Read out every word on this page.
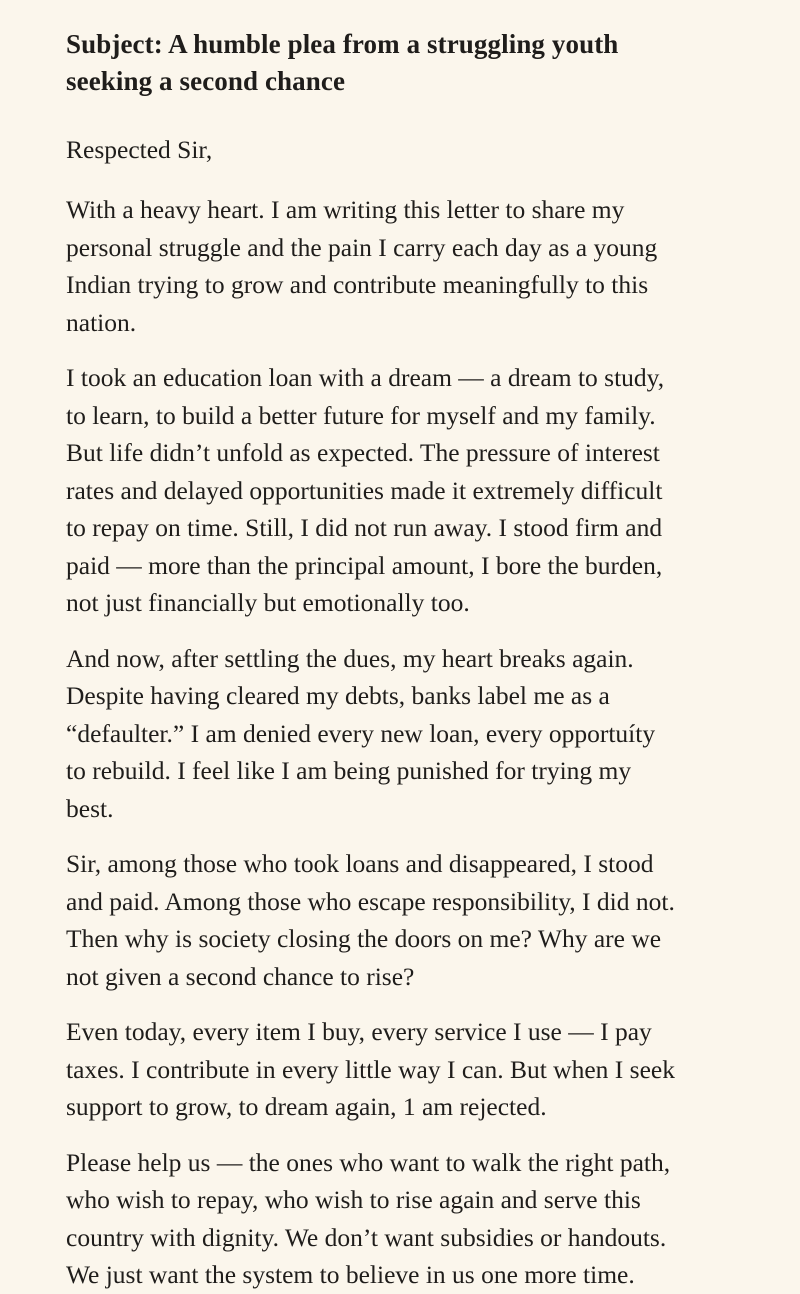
Subject: A humble plea from a struggling youth
seeking a second chance
Respected Sir,
With a heavy heart. I am writing this letter to share my
personal struggle and the pain I carry each day as a young
Indian trying to grow and contribute meaningfully to this
nation.
I took an education loan with a dream — a dream to study,
to learn, to build a better future for myself and my family.
But life didn’t unfold as expected. The pressure of interest
rates and delayed opportunities made it extremely difficult
to repay on time. Still, I did not run away. I stood firm and
paid — more than the principal amount, I bore the burden,
not just financially but emotionally too.
And now, after settling the dues, my heart breaks again.
Despite having cleared my debts, banks label me as a
“defaulter.” I am denied every new loan, every opportuíty
to rebuild. I feel like I am being punished for trying my
best.
Sir, among those who took loans and disappeared, I stood
and paid. Among those who escape responsibility, I did not.
Then why is society closing the doors on me? Why are we
not given a second chance to rise?
Even today, every item I buy, every service I use — I pay
taxes. I contribute in every little way I can. But when I seek
support to grow, to dream again, 1 am rejected.
Please help us — the ones who want to walk the right path,
who wish to repay, who wish to rise again and serve this
country with dignity. We don’t want subsidies or handouts.
We just want the system to believe in us one more time.
